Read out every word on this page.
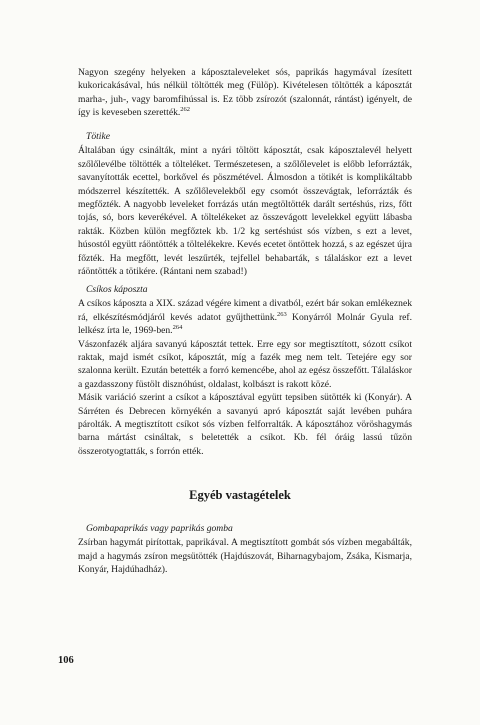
Nagyon szegény helyeken a káposztaleveleket sós, paprikás hagymával ízesített kukoricakásával, hús nélkül töltötték meg (Fülöp). Kivételesen töltötték a káposztát marha-, juh-, vagy baromfihússal is. Ez több zsírozót (szalonnát, rántást) igényelt, de így is keveseben szerették.$^{262}$

Tötike

Általában úgy csinálták, mint a nyári töltött káposztát, csak káposztalevél helyett szőlőlevélbe töltötték a tölteléket. Természetesen, a szőlőlevelet is előbb leforrázták, savanyították ecettel, borkővel és pöszmétével. Álmosdon a tötikét is komplikáltabb módszerrel készítették. A szőlőlevelekből egy csomót összevágtak, leforrázták és megfőzték. A nagyobb leveleket forrázás után megtöltötték darált sertéshús, rizs, főtt tojás, só, bors keverékével. A töltelékeket az összevágott levelekkel együtt lábasba rakták. Közben külön megfőztek kb. 1/2 kg sertéshúst sós vízben, s ezt a levet, húsostól együtt ráöntötték a töltelékekre. Kevés ecetet öntöttek hozzá, s az egészet újra főzték. Ha megfőtt, levét leszűrték, tejfellel behabarták, s tálaláskor ezt a levet ráöntötték a tötikére. (Rántani nem szabad!)

Csíkos káposzta

A csíkos káposzta a XIX. század végére kiment a divatból, ezért bár sokan emlékeznek rá, elkészítésmódjáról kevés adatot gyűjthettünk.$^{263}$ Konyárról Molnár Gyula ref. lelkész írta le, 1969-ben.$^{264}$

Vászonfazék aljára savanyú káposztát tettek. Erre egy sor megtisztított, sózott csíkot raktak, majd ismét csíkot, káposztát, míg a fazék meg nem telt. Tetejére egy sor szalonna került. Ezután betették a forró kemencébe, ahol az egész összefőtt. Tálaláskor a gazdasszony füstölt disznóhúst, oldalast, kolbászt is rakott közé.

Másik variáció szerint a csíkot a káposztával együtt tepsiben sütötték ki (Konyár). A Sárréten és Debrecen környékén a savanyú apró káposztát saját levében puhára párolták. A megtisztított csíkot sós vízben felforralták. A káposztához vöröshagymás barna mártást csináltak, s beletették a csíkot. Kb. fél óráig lassú tűzön összerotyogtatták, s forrón ették.

Egyéb vastagételek

Gombapaprikás vagy paprikás gomba

Zsírban hagymát pirítottak, paprikával. A megtisztított gombát sós vízben megabálták, majd a hagymás zsíron megsütötték (Hajdúszovát, Biharnagybajom, Zsáka, Kismarja, Konyár, Hajdúhadház).

106
